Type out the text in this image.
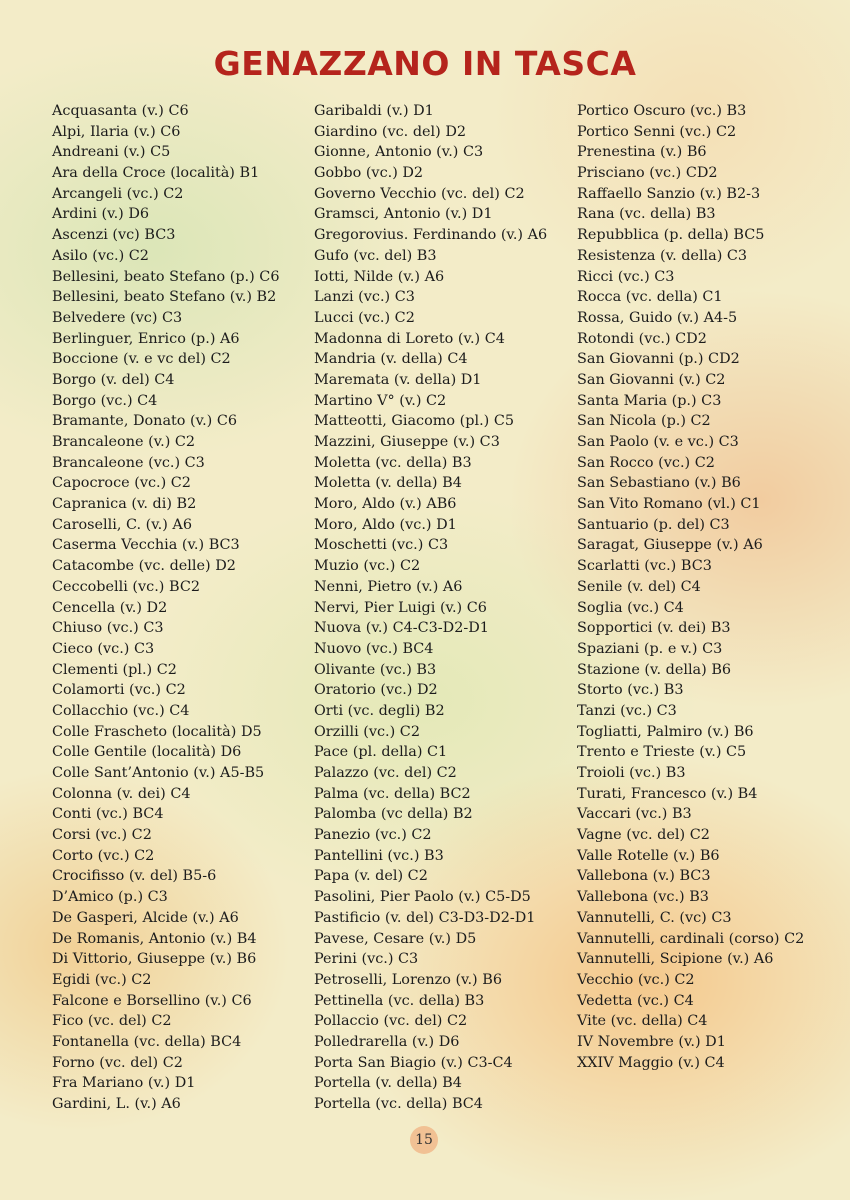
GENAZZANO IN TASCA
Acquasanta (v.) C6
Alpi, Ilaria (v.) C6
Andreani (v.) C5
Ara della Croce (località) B1
Arcangeli (vc.) C2
Ardini (v.) D6
Ascenzi (vc) BC3
Asilo (vc.) C2
Bellesini, beato Stefano (p.) C6
Bellesini, beato Stefano (v.) B2
Belvedere (vc) C3
Berlinguer, Enrico (p.) A6
Boccione (v. e vc del) C2
Borgo (v. del) C4
Borgo (vc.) C4
Bramante, Donato (v.) C6
Brancaleone (v.) C2
Brancaleone (vc.) C3
Capocroce (vc.) C2
Capranica (v. di) B2
Caroselli, C. (v.) A6
Caserma Vecchia (v.) BC3
Catacombe (vc. delle) D2
Ceccobelli (vc.) BC2
Cencella (v.) D2
Chiuso (vc.) C3
Cieco (vc.) C3
Clementi (pl.) C2
Colamorti (vc.) C2
Collacchio (vc.) C4
Colle Frascheto (località) D5
Colle Gentile (località) D6
Colle Sant’Antonio (v.) A5-B5
Colonna (v. dei) C4
Conti (vc.) BC4
Corsi (vc.) C2
Corto (vc.) C2
Crocifisso (v. del) B5-6
D’Amico (p.) C3
De Gasperi, Alcide (v.) A6
De Romanis, Antonio (v.) B4
Di Vittorio, Giuseppe (v.) B6
Egidi (vc.) C2
Falcone e Borsellino (v.) C6
Fico (vc. del) C2
Fontanella (vc. della) BC4
Forno (vc. del) C2
Fra Mariano (v.) D1
Gardini, L. (v.) A6
Garibaldi (v.) D1
Giardino (vc. del) D2
Gionne, Antonio (v.) C3
Gobbo (vc.) D2
Governo Vecchio (vc. del) C2
Gramsci, Antonio (v.) D1
Gregorovius. Ferdinando (v.) A6
Gufo (vc. del) B3
Iotti, Nilde (v.) A6
Lanzi (vc.) C3
Lucci (vc.) C2
Madonna di Loreto (v.) C4
Mandria (v. della) C4
Maremata (v. della) D1
Martino V° (v.) C2
Matteotti, Giacomo (pl.) C5
Mazzini, Giuseppe (v.) C3
Moletta (vc. della) B3
Moletta (v. della) B4
Moro, Aldo (v.) AB6
Moro, Aldo (vc.) D1
Moschetti (vc.) C3
Muzio (vc.) C2
Nenni, Pietro (v.) A6
Nervi, Pier Luigi (v.) C6
Nuova (v.) C4-C3-D2-D1
Nuovo (vc.) BC4
Olivante (vc.) B3
Oratorio (vc.) D2
Orti (vc. degli) B2
Orzilli (vc.) C2
Pace (pl. della) C1
Palazzo (vc. del) C2
Palma (vc. della) BC2
Palomba (vc della) B2
Panezio (vc.) C2
Pantellini (vc.) B3
Papa (v. del) C2
Pasolini, Pier Paolo (v.) C5-D5
Pastificio (v. del) C3-D3-D2-D1
Pavese, Cesare (v.) D5
Perini (vc.) C3
Petroselli, Lorenzo (v.) B6
Pettinella (vc. della) B3
Pollaccio (vc. del) C2
Polledrarella (v.) D6
Porta San Biagio (v.) C3-C4
Portella (v. della) B4
Portella (vc. della) BC4
Portico Oscuro (vc.) B3
Portico Senni (vc.) C2
Prenestina (v.) B6
Prisciano (vc.) CD2
Raffaello Sanzio (v.) B2-3
Rana (vc. della) B3
Repubblica (p. della) BC5
Resistenza (v. della) C3
Ricci (vc.) C3
Rocca (vc. della) C1
Rossa, Guido (v.) A4-5
Rotondi (vc.) CD2
San Giovanni (p.) CD2
San Giovanni (v.) C2
Santa Maria (p.) C3
San Nicola (p.) C2
San Paolo (v. e vc.) C3
San Rocco (vc.) C2
San Sebastiano (v.) B6
San Vito Romano (vl.) C1
Santuario (p. del) C3
Saragat, Giuseppe (v.) A6
Scarlatti (vc.) BC3
Senile (v. del) C4
Soglia (vc.) C4
Sopportici (v. dei) B3
Spaziani (p. e v.) C3
Stazione (v. della) B6
Storto (vc.) B3
Tanzi (vc.) C3
Togliatti, Palmiro (v.) B6
Trento e Trieste (v.) C5
Troioli (vc.) B3
Turati, Francesco (v.) B4
Vaccari (vc.) B3
Vagne (vc. del) C2
Valle Rotelle (v.) B6
Vallebona (v.) BC3
Vallebona (vc.) B3
Vannutelli, C. (vc) C3
Vannutelli, cardinali (corso) C2
Vannutelli, Scipione (v.) A6
Vecchio (vc.) C2
Vedetta (vc.) C4
Vite (vc. della) C4
IV Novembre (v.) D1
XXIV Maggio (v.) C4
15
